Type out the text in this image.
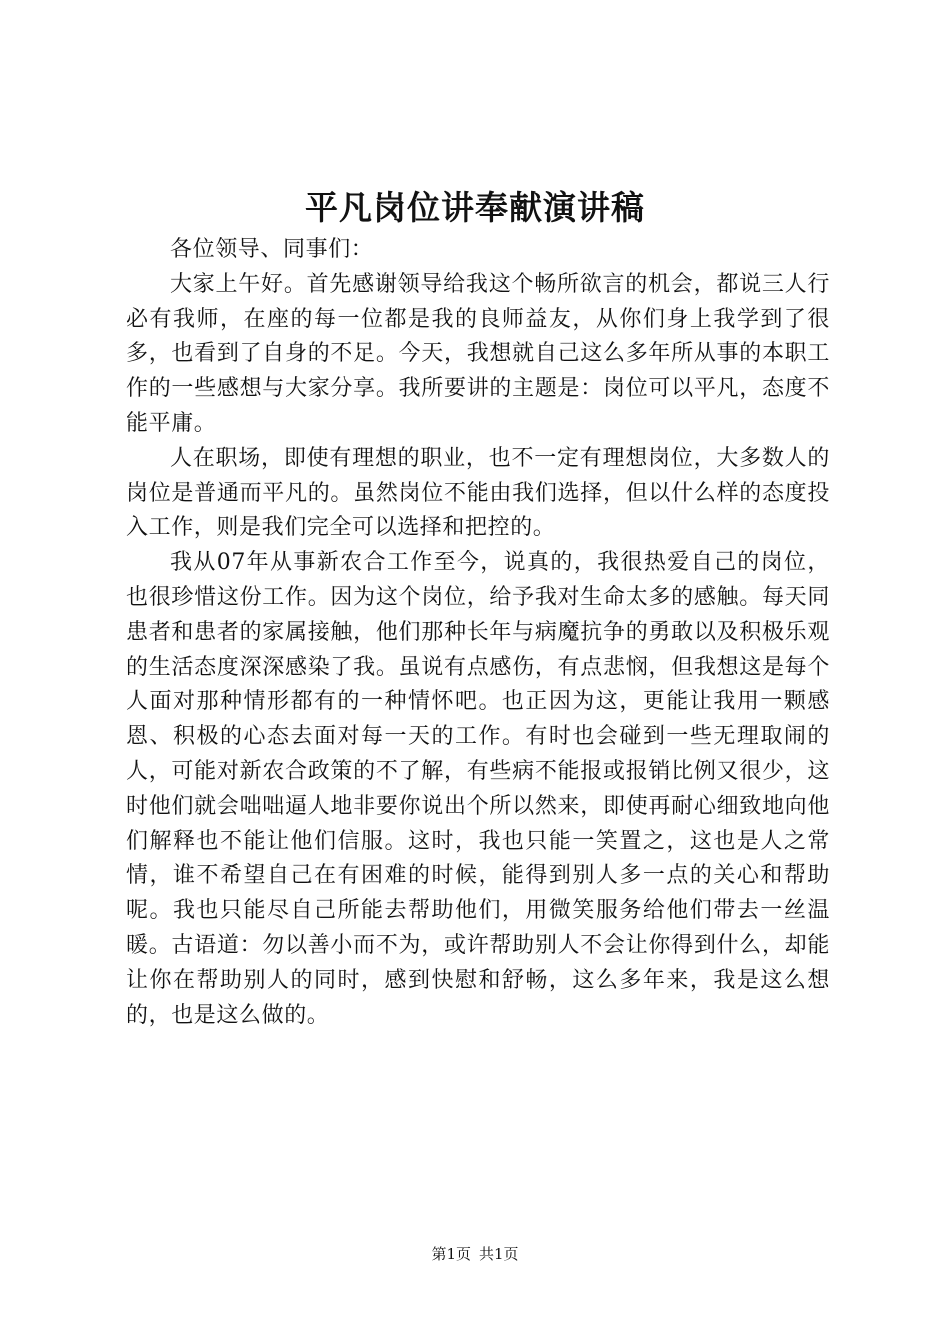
平凡岗位讲奉献演讲稿

各位领导、同事们：

大家上午好。首先感谢领导给我这个畅所欲言的机会，都说三人行必有我师，在座的每一位都是我的良师益友，从你们身上我学到了很多，也看到了自身的不足。今天，我想就自己这么多年所从事的本职工作的一些感想与大家分享。我所要讲的主题是：岗位可以平凡，态度不能平庸。

人在职场，即使有理想的职业，也不一定有理想岗位，大多数人的岗位是普通而平凡的。虽然岗位不能由我们选择，但以什么样的态度投入工作，则是我们完全可以选择和把控的。

我从07年从事新农合工作至今，说真的，我很热爱自己的岗位，也很珍惜这份工作。因为这个岗位，给予我对生命太多的感触。每天同患者和患者的家属接触，他们那种长年与病魔抗争的勇敢以及积极乐观的生活态度深深感染了我。虽说有点感伤，有点悲悯，但我想这是每个人面对那种情形都有的一种情怀吧。也正因为这，更能让我用一颗感恩、积极的心态去面对每一天的工作。有时也会碰到一些无理取闹的人，可能对新农合政策的不了解，有些病不能报或报销比例又很少，这时他们就会咄咄逼人地非要你说出个所以然来，即使再耐心细致地向他们解释也不能让他们信服。这时，我也只能一笑置之，这也是人之常情，谁不希望自己在有困难的时候，能得到别人多一点的关心和帮助呢。我也只能尽自己所能去帮助他们，用微笑服务给他们带去一丝温暖。古语道：勿以善小而不为，或许帮助别人不会让你得到什么，却能让你在帮助别人的同时，感到快慰和舒畅，这么多年来，我是这么想的，也是这么做的。

第1页 共1页
